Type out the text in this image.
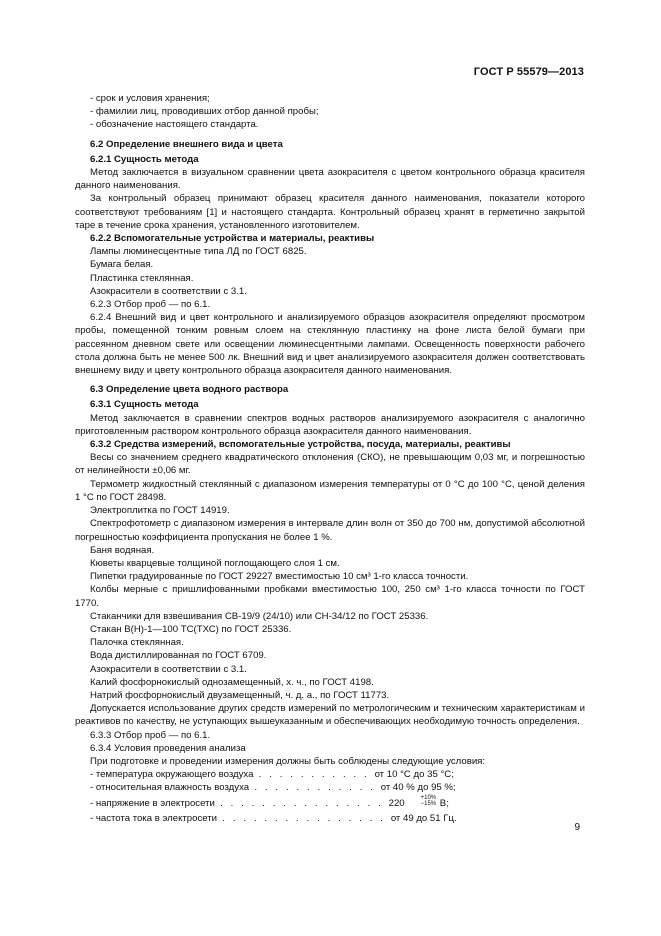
ГОСТ Р 55579—2013

- срок и условия хранения;

- фамилии лиц, проводивших отбор данной пробы;

- обозначение настоящего стандарта.

6.2 Определение внешнего вида и цвета

6.2.1 Сущность метода

Метод заключается в визуальном сравнении цвета азокрасителя с цветом контрольного образца красителя данного наименования.

За контрольный образец принимают образец красителя данного наименования, показатели которого соответствуют требованиям [1] и настоящего стандарта. Контрольный образец хранят в герметично закрытой таре в течение срока хранения, установленного изготовителем.

6.2.2 Вспомогательные устройства и материалы, реактивы

Лампы люминесцентные типа ЛД по ГОСТ 6825.

Бумага белая.

Пластинка стеклянная.

Азокрасители в соответствии с 3.1.

6.2.3 Отбор проб — по 6.1.

6.2.4 Внешний вид и цвет контрольного и анализируемого образцов азокрасителя определяют просмотром пробы, помещенной тонким ровным слоем на стеклянную пластинку на фоне листа белой бумаги при рассеянном дневном свете или освещении люминесцентными лампами. Освещенность поверхности рабочего стола должна быть не менее 500 лк. Внешний вид и цвет анализируемого азокрасителя должен соответствовать внешнему виду и цвету контрольного образца азокрасителя данного наименования.

6.3 Определение цвета водного раствора

6.3.1 Сущность метода

Метод заключается в сравнении спектров водных растворов анализируемого азокрасителя с аналогично приготовленным раствором контрольного образца азокрасителя данного наименования.

6.3.2 Средства измерений, вспомогательные устройства, посуда, материалы, реактивы

Весы со значением среднего квадратического отклонения (СКО), не превышающим 0,03 мг, и погрешностью от нелинейности ±0,06 мг.

Термометр жидкостный стеклянный с диапазоном измерения температуры от 0 °С до 100 °С, ценой деления 1 °С по ГОСТ 28498.

Электроплитка по ГОСТ 14919.

Спектрофотометр с диапазоном измерения в интервале длин волн от 350 до 700 нм, допустимой абсолютной погрешностью коэффициента пропускания не более 1 %.

Баня водяная.

Кюветы кварцевые толщиной поглощающего слоя 1 см.

Пипетки градуированные по ГОСТ 29227 вместимостью 10 см³ 1-го класса точности.

Колбы мерные с пришлифованными пробками вместимостью 100, 250 см³ 1-го класса точности по ГОСТ 1770.

Стаканчики для взвешивания СВ-19/9 (24/10) или СН-34/12 по ГОСТ 25336.

Стакан В(Н)-1—100 ТС(ТХС) по ГОСТ 25336.

Палочка стеклянная.

Вода дистиллированная по ГОСТ 6709.

Азокрасители в соответствии с 3.1.

Калий фосфорнокислый однозамещенный, х. ч., по ГОСТ 4198.

Натрий фосфорнокислый двузамещенный, ч. д. а., по ГОСТ 11773.

Допускается использование других средств измерений по метрологическим и техническим характеристикам и реактивов по качеству, не уступающих вышеуказанным и обеспечивающих необходимую точность определения.

6.3.3 Отбор проб — по 6.1.

6.3.4 Условия проведения анализа

При подготовке и проведении измерения должны быть соблюдены следующие условия:

- температура окружающего воздуха . . . . . . . . . . . от 10 °С до 35 °С;

- относительная влажность воздуха . . . . . . . . . . . . от 40 % до 95 %;

- напряжение в электросети . . . . . . . . . . . . . . . . 220	+10%
−15% В;

- частота тока в электросети . . . . . . . . . . . . . . . . от 49 до 51 Гц.

9
